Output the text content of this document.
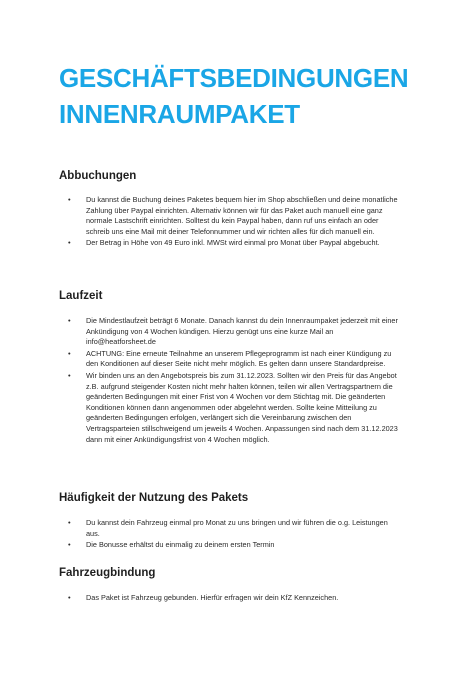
GESCHÄFTSBEDINGUNGEN
INNENRAUMPAKET
Abbuchungen
• Du kannst die Buchung deines Paketes bequem hier im Shop abschließen und deine monatliche Zahlung über Paypal einrichten. Alternativ können wir für das Paket auch manuell eine ganz normale Lastschrift einrichten. Solltest du kein Paypal haben, dann ruf uns einfach an oder schreib uns eine Mail mit deiner Telefonnummer und wir richten alles für dich manuell ein.
• Der Betrag in Höhe von 49 Euro inkl. MWSt wird einmal pro Monat über Paypal abgebucht.
Laufzeit
• Die Mindestlaufzeit beträgt 6 Monate. Danach kannst du dein Innenraumpaket jederzeit mit einer Ankündigung von 4 Wochen kündigen. Hierzu genügt uns eine kurze Mail an info@heatforsheet.de
• ACHTUNG: Eine erneute Teilnahme an unserem Pflegeprogramm ist nach einer Kündigung zu den Konditionen auf dieser Seite nicht mehr möglich. Es gelten dann unsere Standardpreise.
• Wir binden uns an den Angebotspreis bis zum 31.12.2023. Sollten wir den Preis für das Angebot z.B. aufgrund steigender Kosten nicht mehr halten können, teilen wir allen Vertragspartnern die geänderten Bedingungen mit einer Frist von 4 Wochen vor dem Stichtag mit. Die geänderten Konditionen können dann angenommen oder abgelehnt werden. Sollte keine Mitteilung zu geänderten Bedingungen erfolgen, verlängert sich die Vereinbarung zwischen den Vertragsparteien stillschweigend um jeweils 4 Wochen. Anpassungen sind nach dem 31.12.2023 dann mit einer Ankündigungsfrist von 4 Wochen möglich.
Häufigkeit der Nutzung des Pakets
• Du kannst dein Fahrzeug einmal pro Monat zu uns bringen und wir führen die o.g. Leistungen aus.
• Die Bonusse erhältst du einmalig zu deinem ersten Termin
Fahrzeugbindung
• Das Paket ist Fahrzeug gebunden. Hierfür erfragen wir dein KfZ Kennzeichen.
